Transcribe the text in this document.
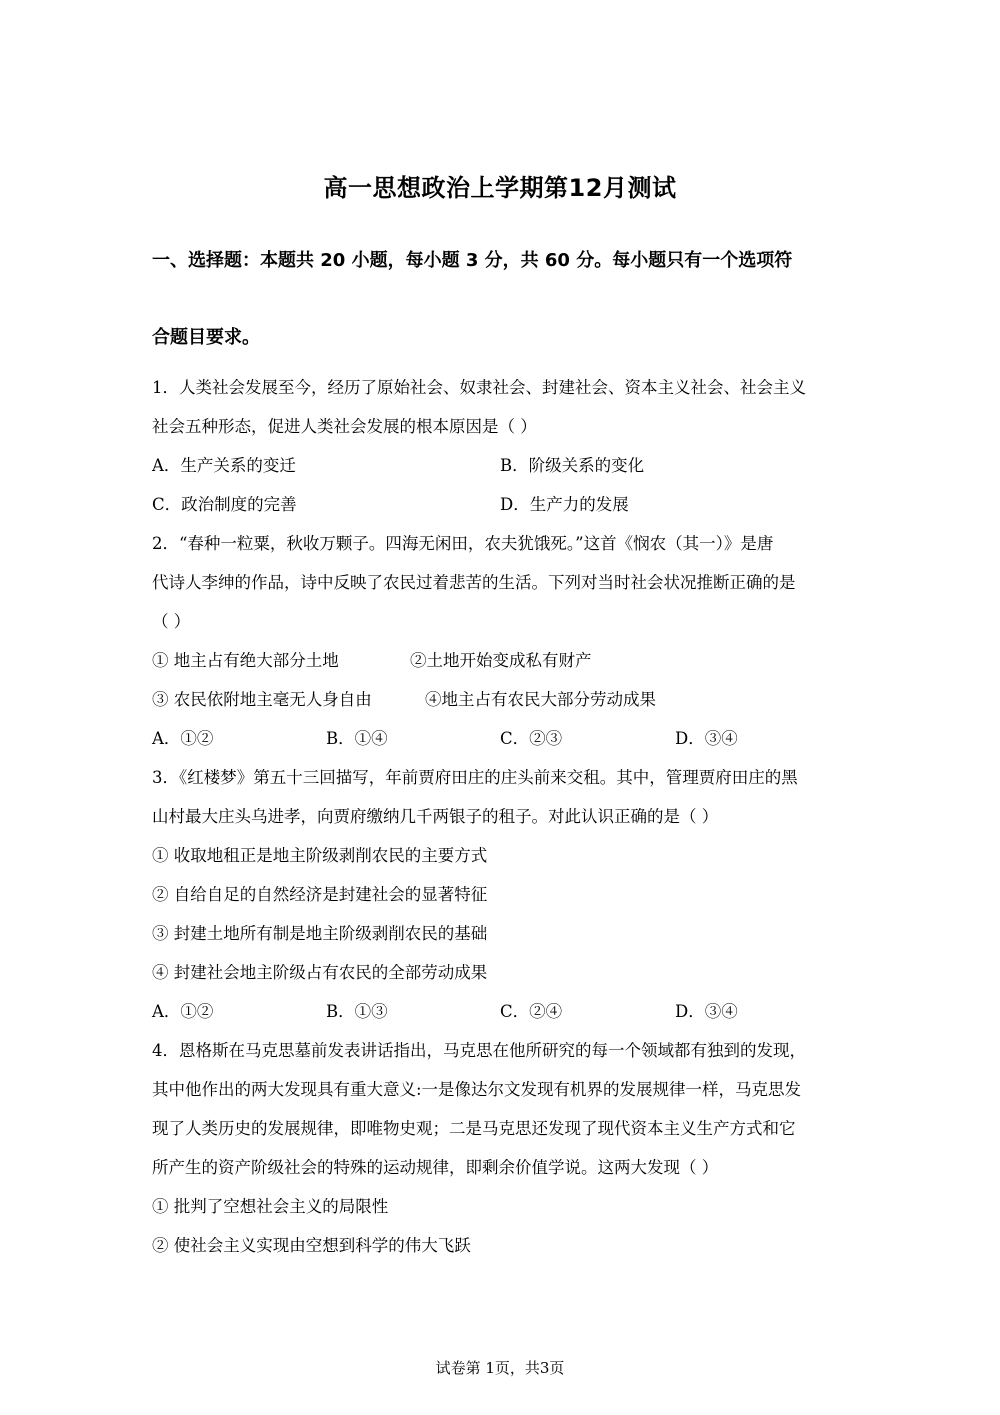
高一思想政治上学期第12月测试
一、选择题：本题共 20 小题，每小题 3 分，共 60 分。每小题只有一个选项符
合题目要求。
1．人类社会发展至今，经历了原始社会、奴隶社会、封建社会、资本主义社会、社会主义
社会五种形态，促进人类社会发展的根本原因是（ ）
A．生产关系的变迁	B．阶级关系的变化
C．政治制度的完善	D．生产力的发展
2．“春种一粒粟，秋收万颗子。四海无闲田，农夫犹饿死。”这首《悯农（其一）》是唐
代诗人李绅的作品，诗中反映了农民过着悲苦的生活。下列对当时社会状况推断正确的是
（ ）
① 地主占有绝大部分土地	②土地开始变成私有财产
③ 农民依附地主毫无人身自由	④地主占有农民大部分劳动成果
A．①②	B．①④	C．②③	D．③④
3．《红楼梦》第五十三回描写，年前贾府田庄的庄头前来交租。其中，管理贾府田庄的黑
山村最大庄头乌进孝，向贾府缴纳几千两银子的租子。对此认识正确的是（ ）
① 收取地租正是地主阶级剥削农民的主要方式
② 自给自足的自然经济是封建社会的显著特征
③ 封建土地所有制是地主阶级剥削农民的基础
④ 封建社会地主阶级占有农民的全部劳动成果
A．①②	B．①③	C．②④	D．③④
4．恩格斯在马克思墓前发表讲话指出，马克思在他所研究的每一个领域都有独到的发现，
其中他作出的两大发现具有重大意义:一是像达尔文发现有机界的发展规律一样，马克思发
现了人类历史的发展规律，即唯物史观；二是马克思还发现了现代资本主义生产方式和它
所产生的资产阶级社会的特殊的运动规律，即剩余价值学说。这两大发现（ ）
① 批判了空想社会主义的局限性
② 使社会主义实现由空想到科学的伟大飞跃
试卷第 1页，共3页
